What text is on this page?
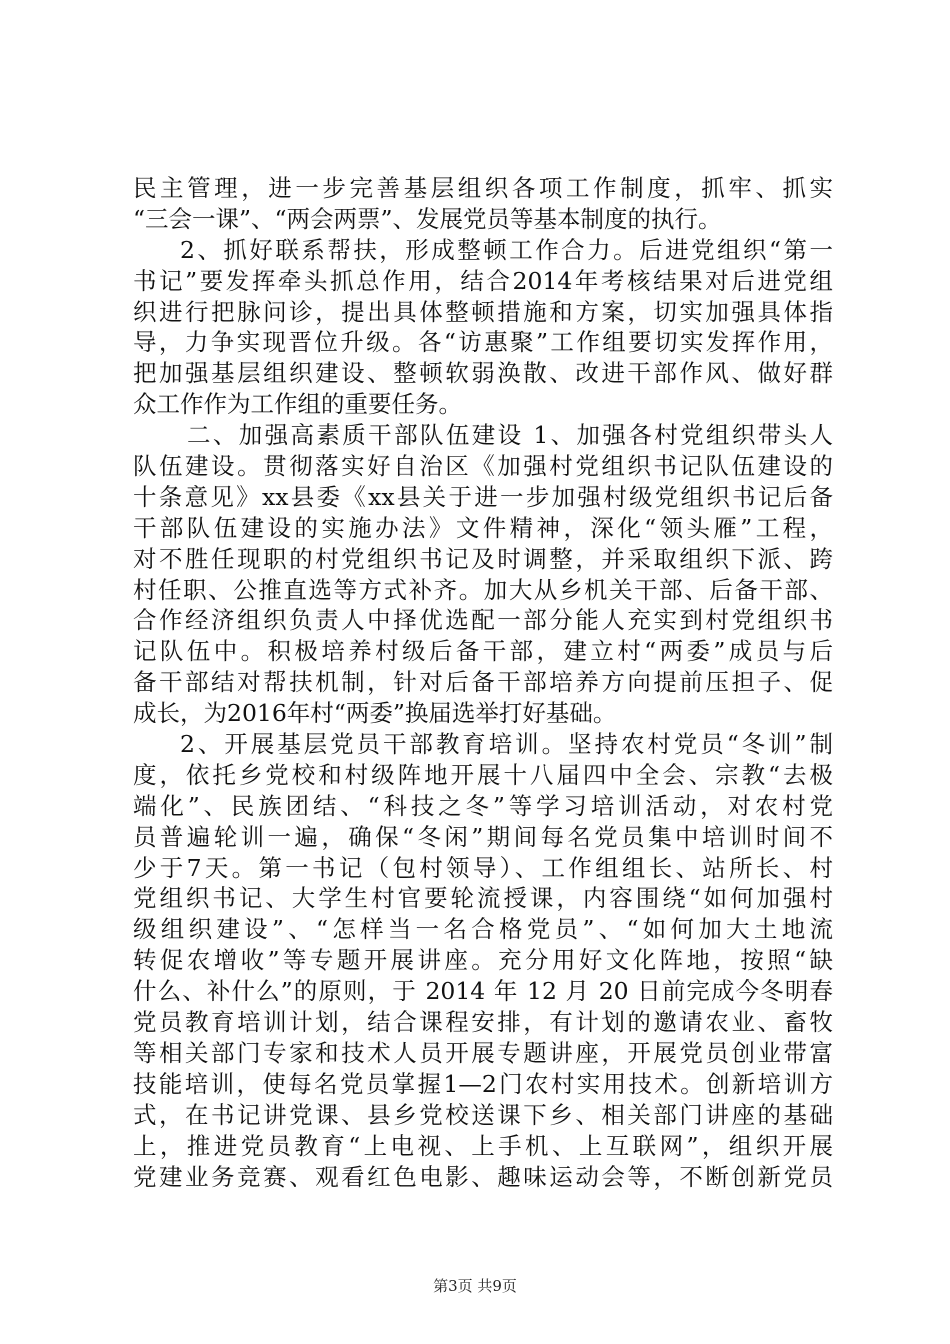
民主管理，进一步完善基层组织各项工作制度，抓牢、抓实
“三会一课”、“两会两票”、发展党员等基本制度的执行。
2、抓好联系帮扶，形成整顿工作合力。后进党组织“第一
书记”要发挥牵头抓总作用，结合2014年考核结果对后进党组
织进行把脉问诊，提出具体整顿措施和方案，切实加强具体指
导，力争实现晋位升级。各“访惠聚”工作组要切实发挥作用，
把加强基层组织建设、整顿软弱涣散、改进干部作风、做好群
众工作作为工作组的重要任务。
二、加强高素质干部队伍建设 1、加强各村党组织带头人
队伍建设。贯彻落实好自治区《加强村党组织书记队伍建设的
十条意见》xx县委《xx县关于进一步加强村级党组织书记后备
干部队伍建设的实施办法》文件精神，深化“领头雁”工程，
对不胜任现职的村党组织书记及时调整，并采取组织下派、跨
村任职、公推直选等方式补齐。加大从乡机关干部、后备干部、
合作经济组织负责人中择优选配一部分能人充实到村党组织书
记队伍中。积极培养村级后备干部，建立村“两委”成员与后
备干部结对帮扶机制，针对后备干部培养方向提前压担子、促
成长，为2016年村“两委”换届选举打好基础。
2、开展基层党员干部教育培训。坚持农村党员“冬训”制
度，依托乡党校和村级阵地开展十八届四中全会、宗教“去极
端化”、民族团结、“科技之冬”等学习培训活动，对农村党
员普遍轮训一遍，确保“冬闲”期间每名党员集中培训时间不
少于7天。第一书记（包村领导）、工作组组长、站所长、村
党组织书记、大学生村官要轮流授课，内容围绕“如何加强村
级组织建设”、“怎样当一名合格党员”、“如何加大土地流
转促农增收”等专题开展讲座。充分用好文化阵地，按照“缺
什么、补什么”的原则，于 2014 年 12 月 20 日前完成今冬明春
党员教育培训计划，结合课程安排，有计划的邀请农业、畜牧
等相关部门专家和技术人员开展专题讲座，开展党员创业带富
技能培训，使每名党员掌握1—2门农村实用技术。创新培训方
式，在书记讲党课、县乡党校送课下乡、相关部门讲座的基础
上，推进党员教育“上电视、上手机、上互联网”，组织开展
党建业务竞赛、观看红色电影、趣味运动会等，不断创新党员
第3页 共9页
